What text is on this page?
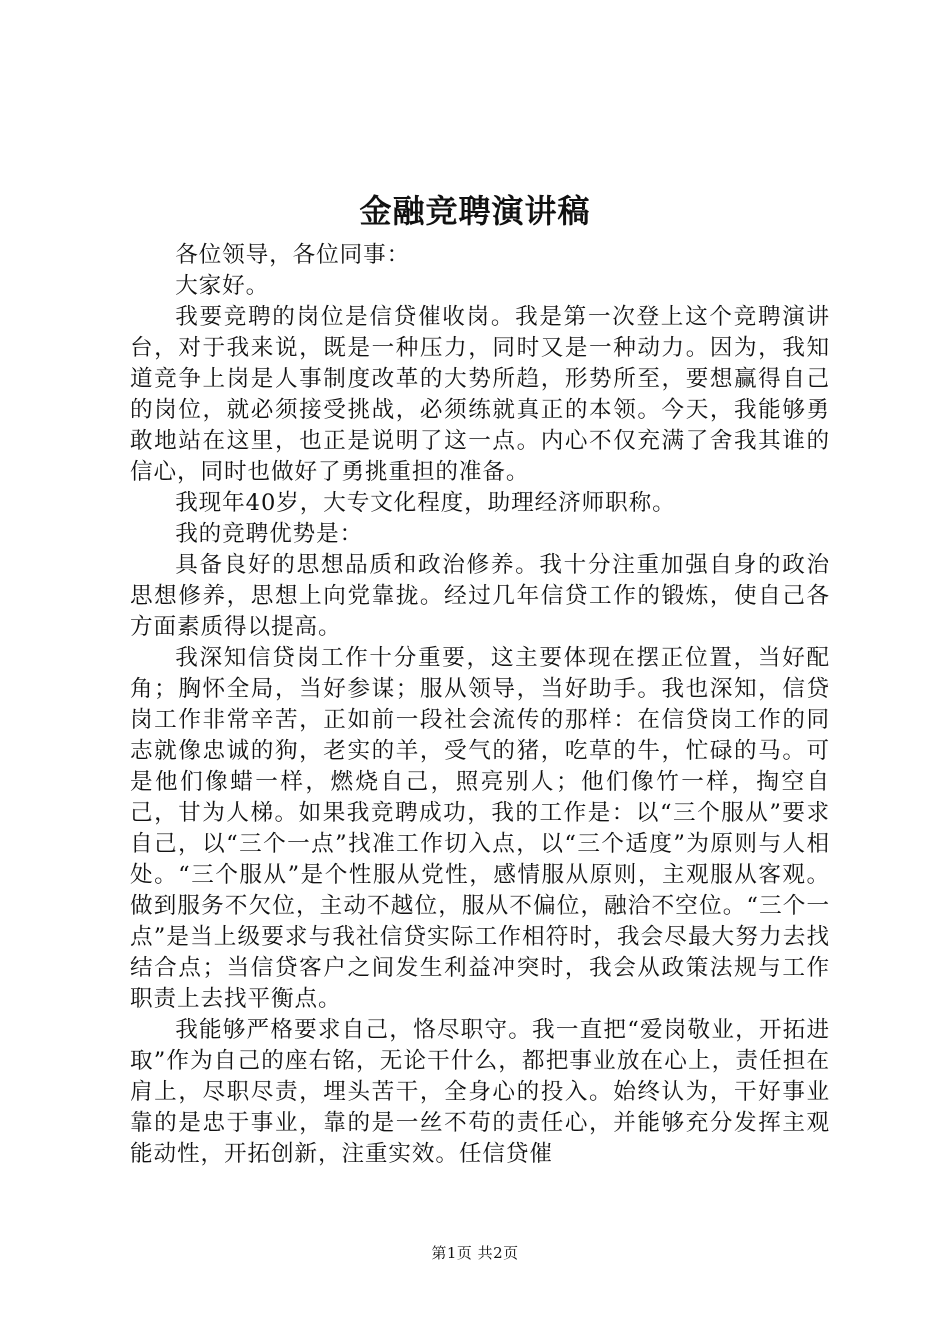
金融竞聘演讲稿

各位领导，各位同事：

大家好。

我要竞聘的岗位是信贷催收岗。我是第一次登上这个竞聘演讲台，对于我来说，既是一种压力，同时又是一种动力。因为，我知道竞争上岗是人事制度改革的大势所趋，形势所至，要想赢得自己的岗位，就必须接受挑战，必须练就真正的本领。今天，我能够勇敢地站在这里，也正是说明了这一点。内心不仅充满了舍我其谁的信心，同时也做好了勇挑重担的准备。

我现年40岁，大专文化程度，助理经济师职称。

我的竞聘优势是：

具备良好的思想品质和政治修养。我十分注重加强自身的政治思想修养，思想上向党靠拢。经过几年信贷工作的锻炼，使自己各方面素质得以提高。

我深知信贷岗工作十分重要，这主要体现在摆正位置，当好配角；胸怀全局，当好参谋；服从领导，当好助手。我也深知，信贷岗工作非常辛苦，正如前一段社会流传的那样：在信贷岗工作的同志就像忠诚的狗，老实的羊，受气的猪，吃草的牛，忙碌的马。可是他们像蜡一样，燃烧自己，照亮别人；他们像竹一样，掏空自己，甘为人梯。如果我竞聘成功，我的工作是：以“三个服从”要求自己，以“三个一点”找准工作切入点，以“三个适度”为原则与人相处。“三个服从”是个性服从党性，感情服从原则，主观服从客观。做到服务不欠位，主动不越位，服从不偏位，融洽不空位。“三个一点”是当上级要求与我社信贷实际工作相符时，我会尽最大努力去找结合点；当信贷客户之间发生利益冲突时，我会从政策法规与工作职责上去找平衡点。

我能够严格要求自己，恪尽职守。我一直把“爱岗敬业，开拓进取”作为自己的座右铭，无论干什么，都把事业放在心上，责任担在肩上，尽职尽责，埋头苦干，全身心的投入。始终认为，干好事业靠的是忠于事业，靠的是一丝不苟的责任心，并能够充分发挥主观能动性，开拓创新，注重实效。任信贷催

第1页 共2页
